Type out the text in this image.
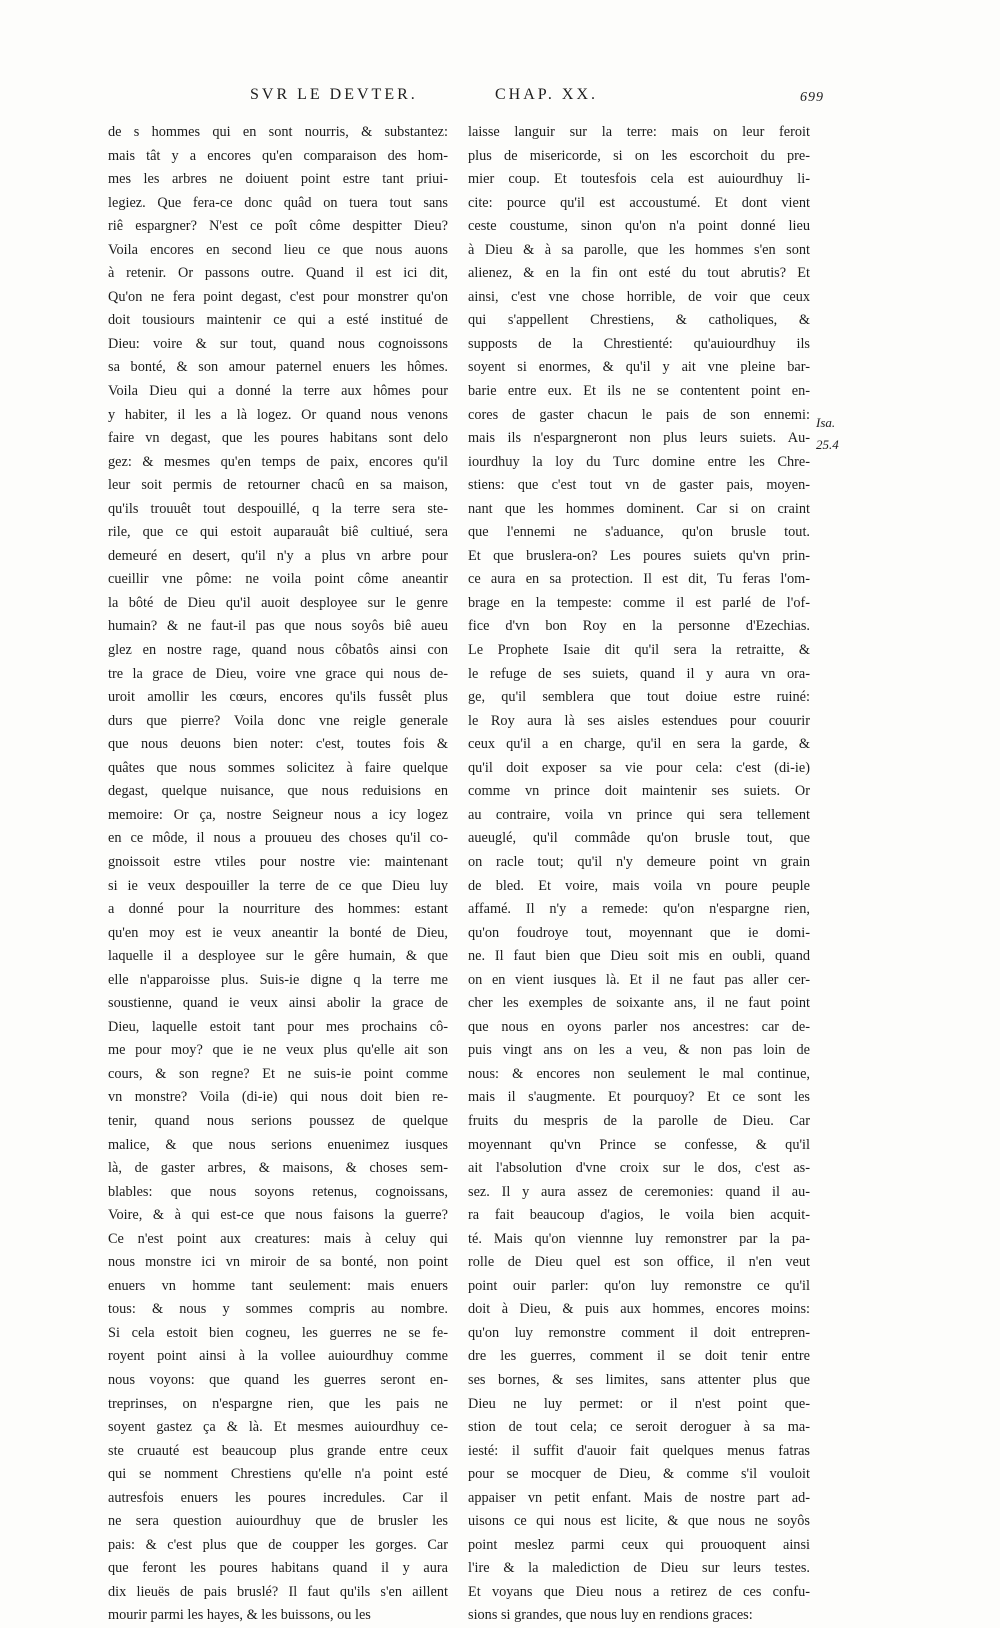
SVR LE DEVTER.	CHAP. XX.	699
de s hommes qui en sont nourris, & substantez:
mais tât y a encores qu'en comparaison des hom-
mes les arbres ne doiuent point estre tant priui-
legiez. Que fera-ce donc quâd on tuera tout sans
riê espargner? N'est ce poît côme despitter Dieu?
Voila encores en second lieu ce que nous auons
à retenir. Or passons outre. Quand il est ici dit,
Qu'on ne fera point degast, c'est pour monstrer qu'on
doit tousiours maintenir ce qui a esté institué de
Dieu: voire & sur tout, quand nous cognoissons
sa bonté, & son amour paternel enuers les hômes.
Voila Dieu qui a donné la terre aux hômes pour
y habiter, il les a là logez. Or quand nous venons
faire vn degast, que les poures habitans sont delo
gez: & mesmes qu'en temps de paix, encores qu'il
leur soit permis de retourner chacû en sa maison,
qu'ils trouuêt tout despouillé, q la terre sera ste-
rile, que ce qui estoit auparauât biê cultiué, sera
demeuré en desert, qu'il n'y a plus vn arbre pour
cueillir vne pôme: ne voila point côme aneantir
la bôté de Dieu qu'il auoit desployee sur le genre
humain? & ne faut-il pas que nous soyôs biê aueu
glez en nostre rage, quand nous côbatôs ainsi con
tre la grace de Dieu, voire vne grace qui nous de-
uroit amollir les cœurs, encores qu'ils fussêt plus
durs que pierre? Voila donc vne reigle generale
que nous deuons bien noter: c'est, toutes fois &
quâtes que nous sommes solicitez à faire quelque
degast, quelque nuisance, que nous reduisions en
memoire: Or ça, nostre Seigneur nous a icy logez
en ce môde, il nous a prouueu des choses qu'il co-
gnoissoit estre vtiles pour nostre vie: maintenant
si ie veux despouiller la terre de ce que Dieu luy
a donné pour la nourriture des hommes: estant
qu'en moy est ie veux aneantir la bonté de Dieu,
laquelle il a desployee sur le gêre humain, & que
elle n'apparoisse plus. Suis-ie digne q la terre me
soustienne, quand ie veux ainsi abolir la grace de
Dieu, laquelle estoit tant pour mes prochains cô-
me pour moy? que ie ne veux plus qu'elle ait son
cours, & son regne? Et ne suis-ie point comme
vn monstre? Voila (di-ie) qui nous doit bien re-
tenir, quand nous serions poussez de quelque
malice, & que nous serions enuenimez iusques
là, de gaster arbres, & maisons, & choses sem-
blables: que nous soyons retenus, cognoissans,
Voire, & à qui est-ce que nous faisons la guerre?
Ce n'est point aux creatures: mais à celuy qui
nous monstre ici vn miroir de sa bonté, non point
enuers vn homme tant seulement: mais enuers
tous: & nous y sommes compris au nombre.
Si cela estoit bien cogneu, les guerres ne se fe-
royent point ainsi à la vollee auiourdhuy comme
nous voyons: que quand les guerres seront en-
treprinses, on n'espargne rien, que les pais ne
soyent gastez ça & là. Et mesmes auiourdhuy ce-
ste cruauté est beaucoup plus grande entre ceux
qui se nomment Chrestiens qu'elle n'a point esté
autresfois enuers les poures incredules. Car il
ne sera question auiourdhuy que de brusler les
pais: & c'est plus que de coupper les gorges. Car
que feront les poures habitans quand il y aura
dix lieuës de pais bruslé? Il faut qu'ils s'en aillent
mourir parmi les hayes, & les buissons, ou les
laisse languir sur la terre: mais on leur feroit
plus de misericorde, si on les escorchoit du pre-
mier coup. Et toutesfois cela est auiourdhuy li-
cite: pource qu'il est accoustumé. Et dont vient
ceste coustume, sinon qu'on n'a point donné lieu
à Dieu & à sa parolle, que les hommes s'en sont
alienez, & en la fin ont esté du tout abrutis? Et
ainsi, c'est vne chose horrible, de voir que ceux
qui s'appellent Chrestiens, & catholiques, &
supposts de la Chrestienté: qu'auiourdhuy ils
soyent si enormes, & qu'il y ait vne pleine bar-
barie entre eux. Et ils ne se contentent point en-
cores de gaster chacun le pais de son ennemi:
mais ils n'espargneront non plus leurs suiets. Au-
iourdhuy la loy du Turc domine entre les Chre-
stiens: que c'est tout vn de gaster pais, moyen-
nant que les hommes dominent. Car si on craint
que l'ennemi ne s'aduance, qu'on brusle tout.
Et que bruslera-on? Les poures suiets qu'vn prin-
ce aura en sa protection. Il est dit, Tu feras l'om-
brage en la tempeste: comme il est parlé de l'of-
fice d'vn bon Roy en la personne d'Ezechias.
Le Prophete Isaie dit qu'il sera la retraitte, &
le refuge de ses suiets, quand il y aura vn ora-
ge, qu'il semblera que tout doiue estre ruiné:
le Roy aura là ses aisles estendues pour couurir
ceux qu'il a en charge, qu'il en sera la garde, &
qu'il doit exposer sa vie pour cela: c'est (di-ie)
comme vn prince doit maintenir ses suiets. Or
au contraire, voila vn prince qui sera tellement
aueuglé, qu'il commâde qu'on brusle tout, que
on racle tout; qu'il n'y demeure point vn grain
de bled. Et voire, mais voila vn poure peuple
affamé. Il n'y a remede: qu'on n'espargne rien,
qu'on foudroye tout, moyennant que ie domi-
ne. Il faut bien que Dieu soit mis en oubli, quand
on en vient iusques là. Et il ne faut pas aller cer-
cher les exemples de soixante ans, il ne faut point
que nous en oyons parler nos ancestres: car de-
puis vingt ans on les a veu, & non pas loin de
nous: & encores non seulement le mal continue,
mais il s'augmente. Et pourquoy? Et ce sont les
fruits du mespris de la parolle de Dieu. Car
moyennant qu'vn Prince se confesse, & qu'il
ait l'absolution d'vne croix sur le dos, c'est as-
sez. Il y aura assez de ceremonies: quand il au-
ra fait beaucoup d'agios, le voila bien acquit-
té. Mais qu'on viennne luy remonstrer par la pa-
rolle de Dieu quel est son office, il n'en veut
point ouir parler: qu'on luy remonstre ce qu'il
doit à Dieu, & puis aux hommes, encores moins:
qu'on luy remonstre comment il doit entrepren-
dre les guerres, comment il se doit tenir entre
ses bornes, & ses limites, sans attenter plus que
Dieu ne luy permet: or il n'est point que-
stion de tout cela; ce seroit deroguer à sa ma-
iesté: il suffit d'auoir fait quelques menus fatras
pour se mocquer de Dieu, & comme s'il vouloit
appaiser vn petit enfant. Mais de nostre part ad-
uisons ce qui nous est licite, & que nous ne soyôs
point meslez parmi ceux qui prouoquent ainsi
l'ire & la malediction de Dieu sur leurs testes.
Et voyans que Dieu nous a retirez de ces confu-
sions si grandes, que nous luy en rendions graces:
Isa.
25.4
